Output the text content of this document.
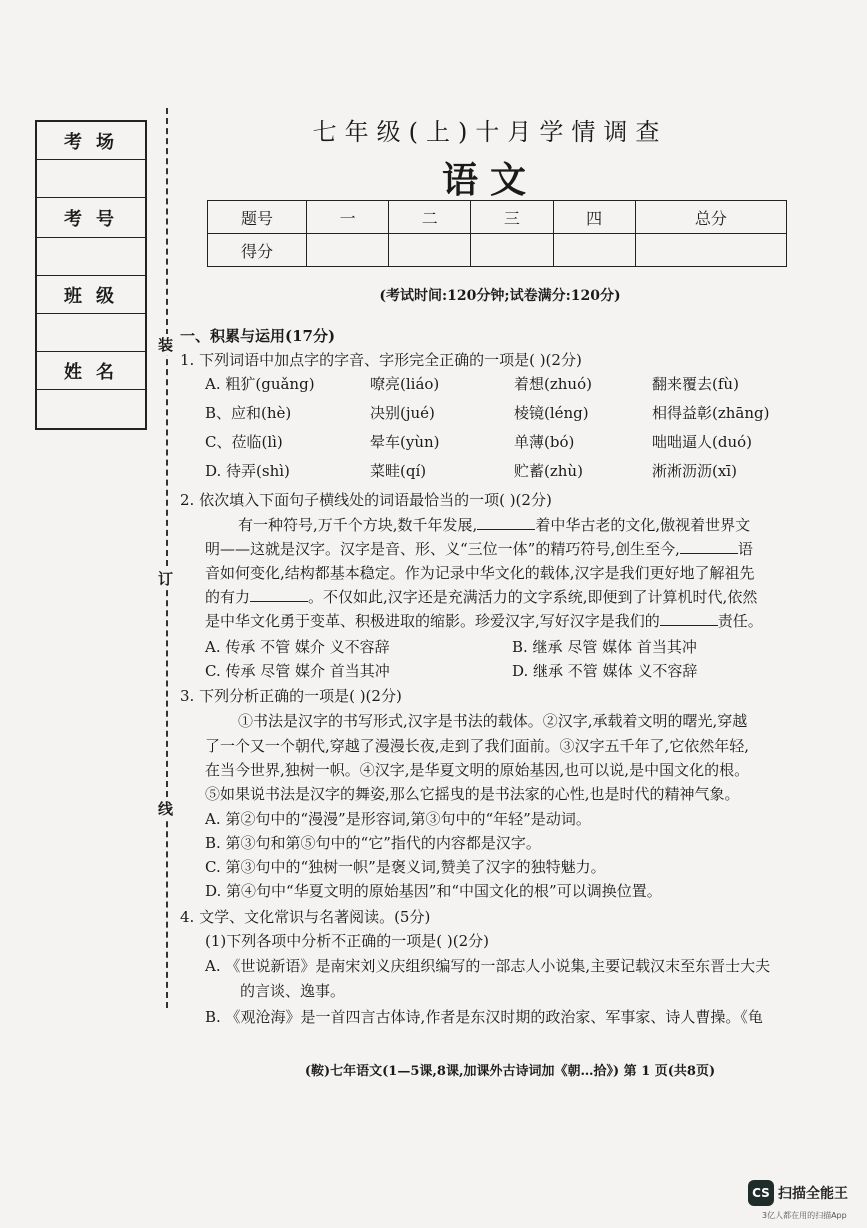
考场
考号
班级
姓名
装
订
线
七年级(上)十月学情调查
语文
题号	一	二	三	四	总分
得分					
(考试时间:120分钟;试卷满分:120分)
一、积累与运用(17分)
1. 下列词语中加点字的字音、字形完全正确的一项是( )(2分)
A. 粗犷(guǎng)	嘹亮(liáo)	着想(zhuó)	翻来覆去(fù)
B、应和(hè)	决别(jué)	棱镜(léng)	相得益彰(zhāng)
C、莅临(lì)	晕车(yùn)	单薄(bó)	咄咄逼人(duó)
D. 待弄(shì)	菜畦(qí)	贮蓄(zhù)	淅淅沥沥(xī)
2. 依次填入下面句子横线处的词语最恰当的一项( )(2分)
有一种符号,万千个方块,数千年发展,	着中华古老的文化,傲视着世界文
明——这就是汉字。汉字是音、形、义“三位一体”的精巧符号,创生至今,	语
音如何变化,结构都基本稳定。作为记录中华文化的载体,汉字是我们更好地了解祖先
的有力	。不仅如此,汉字还是充满活力的文字系统,即便到了计算机时代,依然
是中华文化勇于变革、积极进取的缩影。珍爱汉字,写好汉字是我们的	责任。
A. 传承 不管 媒介 义不容辞	B. 继承 尽管 媒体 首当其冲
C. 传承 尽管 媒介 首当其冲	D. 继承 不管 媒体 义不容辞
3. 下列分析正确的一项是( )(2分)
①书法是汉字的书写形式,汉字是书法的载体。②汉字,承载着文明的曙光,穿越
了一个又一个朝代,穿越了漫漫长夜,走到了我们面前。③汉字五千年了,它依然年轻,
在当今世界,独树一帜。④汉字,是华夏文明的原始基因,也可以说,是中国文化的根。
⑤如果说书法是汉字的舞姿,那么它摇曳的是书法家的心性,也是时代的精神气象。
A. 第②句中的“漫漫”是形容词,第③句中的“年轻”是动词。
B. 第③句和第⑤句中的“它”指代的内容都是汉字。
C. 第③句中的“独树一帜”是褒义词,赞美了汉字的独特魅力。
D. 第④句中“华夏文明的原始基因”和“中国文化的根”可以调换位置。
4. 文学、文化常识与名著阅读。(5分)
(1)下列各项中分析不正确的一项是( )(2分)
A. 《世说新语》是南宋刘义庆组织编写的一部志人小说集,主要记载汉末至东晋士大夫
的言谈、逸事。
B. 《观沧海》是一首四言古体诗,作者是东汉时期的政治家、军事家、诗人曹操。《龟
(鞍)七年语文(1—5课,8课,加课外古诗词加《朝…拾》) 第 1 页(共8页)
CS 扫描全能王
3亿人都在用的扫描App
